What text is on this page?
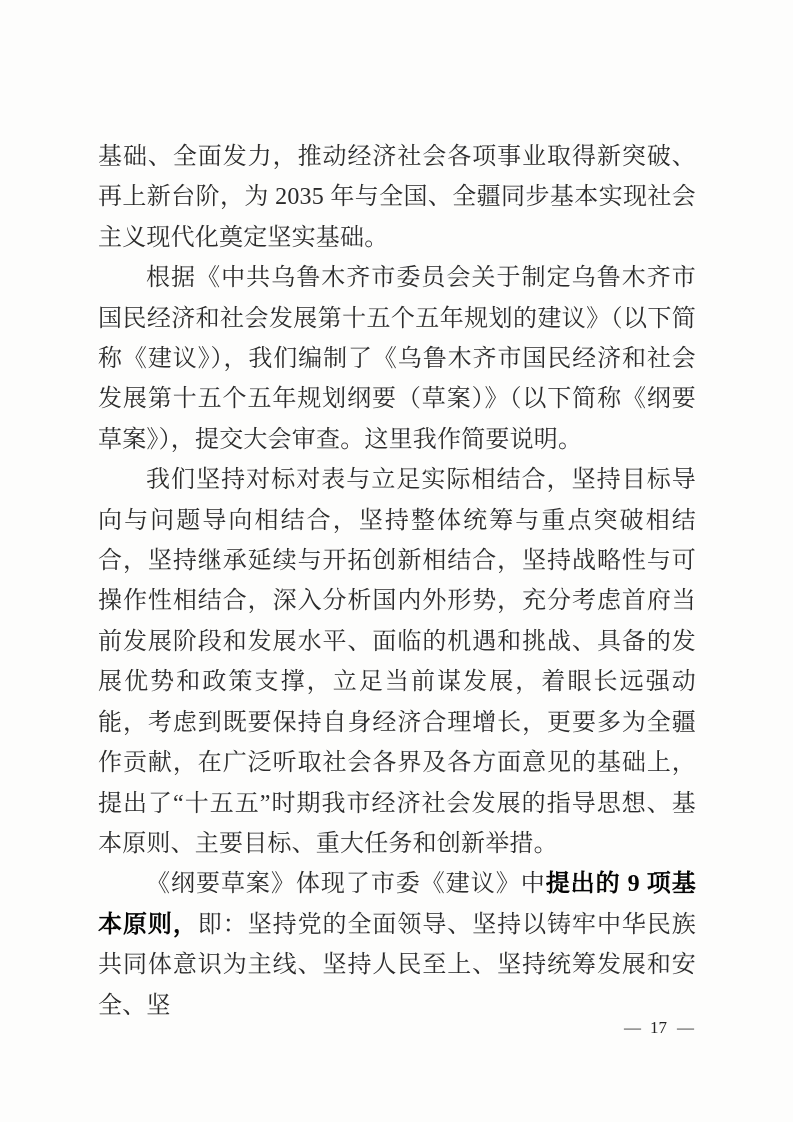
基础、全面发力，推动经济社会各项事业取得新突破、再上新台阶，为 2035 年与全国、全疆同步基本实现社会主义现代化奠定坚实基础。

根据《中共乌鲁木齐市委员会关于制定乌鲁木齐市国民经济和社会发展第十五个五年规划的建议》（以下简称《建议》），我们编制了《乌鲁木齐市国民经济和社会发展第十五个五年规划纲要（草案）》（以下简称《纲要草案》），提交大会审查。这里我作简要说明。

我们坚持对标对表与立足实际相结合，坚持目标导向与问题导向相结合，坚持整体统筹与重点突破相结合，坚持继承延续与开拓创新相结合，坚持战略性与可操作性相结合，深入分析国内外形势，充分考虑首府当前发展阶段和发展水平、面临的机遇和挑战、具备的发展优势和政策支撑，立足当前谋发展，着眼长远强动能，考虑到既要保持自身经济合理增长，更要多为全疆作贡献，在广泛听取社会各界及各方面意见的基础上，提出了“十五五”时期我市经济社会发展的指导思想、基本原则、主要目标、重大任务和创新举措。

《纲要草案》体现了市委《建议》中提出的 9 项基本原则，即：坚持党的全面领导、坚持以铸牢中华民族共同体意识为主线、坚持人民至上、坚持统筹发展和安全、坚

— 17 —
